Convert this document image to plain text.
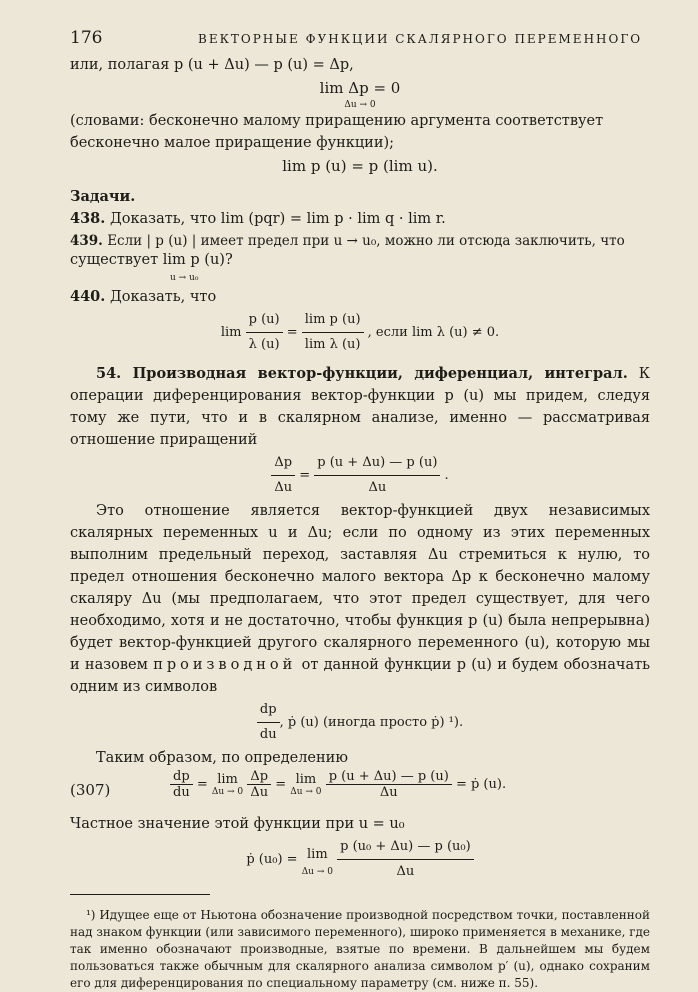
176	ВЕКТОРНЫЕ ФУНКЦИИ СКАЛЯРНОГО ПЕРЕМЕННОГО

или, полагая p (u + Δu) — p (u) = Δp,

lim Δp = 0
Δu → 0

(словами: бесконечно малому приращению аргумента соответствует

бесконечно малое приращение функции);

lim p (u) = p (lim u).

Задачи.

438. Доказать, что lim (pqr) = lim p · lim q · lim r.

439. Если | p (u) | имеет предел при u → u₀, можно ли отсюда заключить, что

существует lim p (u)?
u → u₀

440. Доказать, что

$\lim \frac{p (u)}{\lambda (u)} = \frac{\text{lim p (u)}}{\text{lim λ (u)}}$ , если lim λ (u) ≠ 0.

54. Производная вектор-функции, диференциал, интеграл. К операции диференцирования вектор-функции p (u) мы придем, следуя тому же пути, что и в скалярном анализе, именно — рассматривая отношение приращений

$\frac{\Delta p}{\Delta u} = \frac{p (u + \Delta u) — p (u)}{\Delta u}$ .

Это отношение является вектор-функцией двух независимых скалярных переменных u и Δu; если по одному из этих переменных выполним предельный переход, заставляя Δu стремиться к нулю, то предел отношения бесконечно малого вектора Δp к бесконечно малому скаляру Δu (мы предполагаем, что этот предел существует, для чего необходимо, хотя и не достаточно, чтобы функция p (u) была непрерывна) будет вектор-функцией другого скалярного переменного (u), которую мы и назовем производной от данной функции p (u) и будем обозначать одним из символов

$\frac{dp}{du}$ , ṗ (u) (иногда просто ṗ) ¹).

Таким образом, по определению

(307)	$\frac{dp}{du} = \lim$
Δu → 0
$\frac{\Delta p}{\Delta u} = \lim$
Δu → 0
$\frac{p (u + \Delta u) — p (u)}{\Delta u}$ = ṗ (u).

Частное значение этой функции при u = u₀

ṗ (u₀) = lim
Δu → 0
$\frac{\text{p (u₀ + Δu) — p (u₀)}}{\Delta u}$

¹) Идущее еще от Ньютона обозначение производной посредством точки, поставленной над знаком функции (или зависимого переменного), широко применяется в механике, где так именно обозначают производные, взятые по времени. В дальнейшем мы будем пользоваться также обычным для скалярного анализа символом p′ (u), однако сохраним его для диференцирования по специальному параметру (см. ниже п. 55).
